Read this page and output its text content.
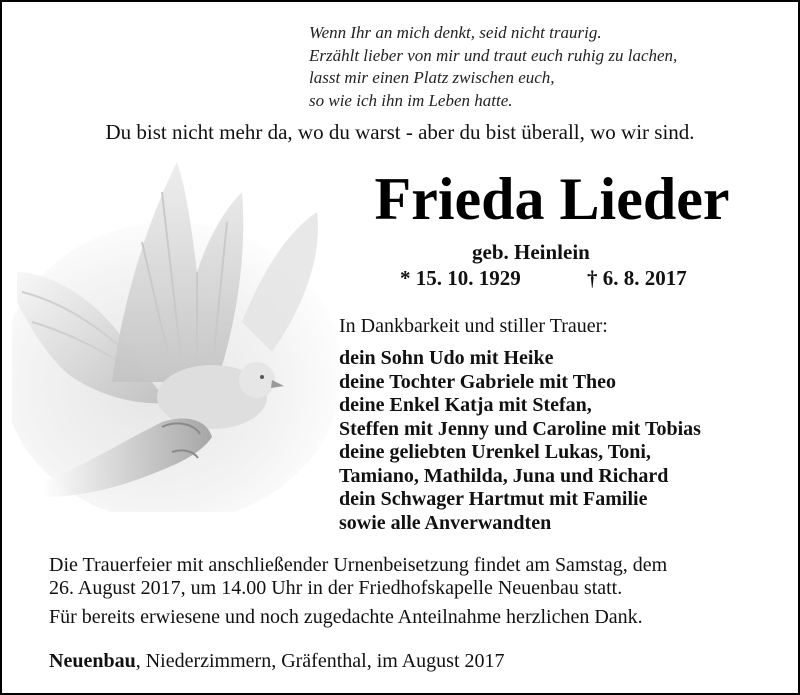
Wenn Ihr an mich denkt, seid nicht traurig.
Erzählt lieber von mir und traut euch ruhig zu lachen,
lasst mir einen Platz zwischen euch,
so wie ich ihn im Leben hatte.
Du bist nicht mehr da, wo du warst - aber du bist überall, wo wir sind.
Frieda Lieder
geb. Heinlein
* 15. 10. 1929	† 6. 8. 2017
In Dankbarkeit und stiller Trauer:
dein Sohn Udo mit Heike
deine Tochter Gabriele mit Theo
deine Enkel Katja mit Stefan,
Steffen mit Jenny und Caroline mit Tobias
deine geliebten Urenkel Lukas, Toni,
Tamiano, Mathilda, Juna und Richard
dein Schwager Hartmut mit Familie
sowie alle Anverwandten
Die Trauerfeier mit anschließender Urnenbeisetzung findet am Samstag, dem
26. August 2017, um 14.00 Uhr in der Friedhofskapelle Neuenbau statt.
Für bereits erwiesene und noch zugedachte Anteilnahme herzlichen Dank.
Neuenbau, Niederzimmern, Gräfenthal, im August 2017
